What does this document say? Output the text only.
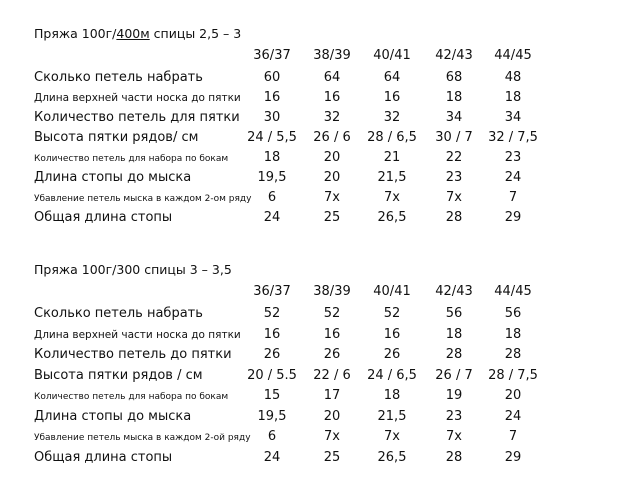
Пряжа 100г/400м спицы 2,5 – 3
36/37	38/39	40/41	42/43	44/45
Сколько петель набрать	60	64	64	68	48
Длина верхней части носка до пятки	16	16	16	18	18
Количество петель для пятки	30	32	32	34	34
Высота пятки рядов/ см	24 / 5,5	26 / 6	28 / 6,5	30 / 7	32 / 7,5
Количество петель для набора по бокам	18	20	21	22	23
Длина стопы до мыска	19,5	20	21,5	23	24
Убавление петель мыска в каждом 2-ом ряду	6	7х	7х	7х	7
Общая длина стопы	24	25	26,5	28	29
Пряжа 100г/300 спицы 3 – 3,5
36/37	38/39	40/41	42/43	44/45
Сколько петель набрать	52	52	52	56	56
Длина верхней части носка до пятки	16	16	16	18	18
Количество петель до пятки	26	26	26	28	28
Высота пятки рядов / см	20 / 5.5	22 / 6	24 / 6,5	26 / 7	28 / 7,5
Количество петель для набора по бокам	15	17	18	19	20
Длина стопы до мыска	19,5	20	21,5	23	24
Убавление петель мыска в каждом 2-ой ряду	6	7х	7х	7х	7
Общая длина стопы	24	25	26,5	28	29
